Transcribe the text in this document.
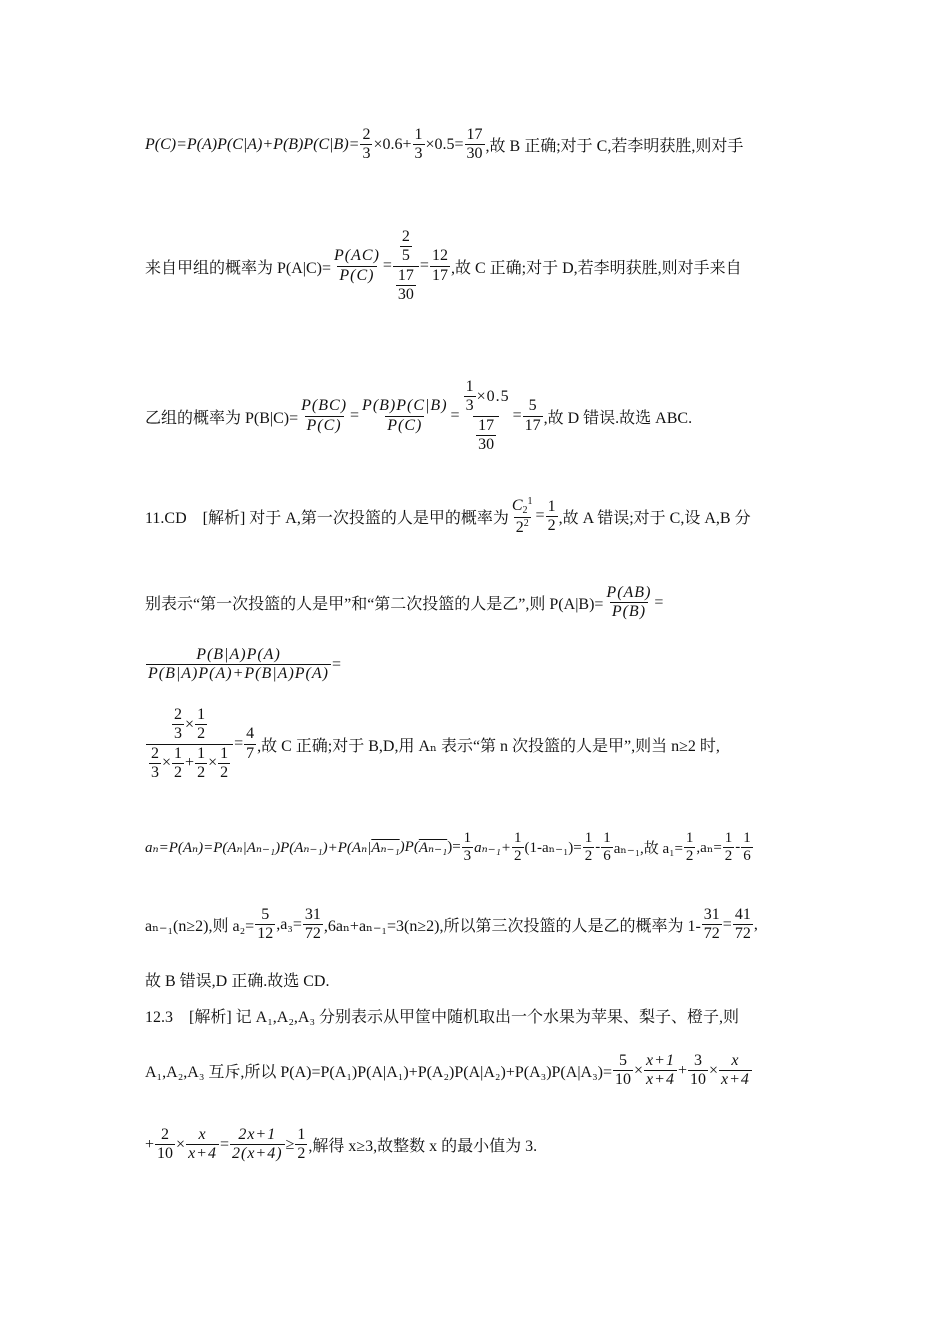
$P(C)=P(A)P(C|A)+P(B)P(C|B)= \frac{2}{3} \times 0.6+ \frac{1}{3} \times 0.5= \frac{17}{30}$ ,故 B 正确;对于 C,若李明获胜,则对手
来自甲组的概率为 $P(A|C)= \frac{P(AC)}{P(C)} = \frac{\frac{2}{5}}{\frac{17}{30}} = \frac{12}{17}$ ,故 C 正确;对于 D,若李明获胜,则对手来自
乙组的概率为 $P(B|C)= \frac{P(BC)}{P(C)} = \frac{P(B)P(C|B)}{P(C)} = \frac{\frac{1}{3} \times 0.5}{\frac{17}{30}} = \frac{5}{17}$ ,故 D 错误.故选 ABC.
11.CD　[解析] 对于 A,第一次投篮的人是甲的概率为 $\frac{C_2^1}{2^2} = \frac{1}{2}$ ,故 A 错误;对于 C,设 A,B 分
别表示“第一次投篮的人是甲”和“第二次投篮的人是乙”,则 $P(A|B)= \frac{P(AB)}{P(B)}$ =
$\frac{P(B|A)P(A)}{P(B|A)P(A)+P(B|\overline{A})P(\overline{A})}$ =
$\frac{\frac{2}{3} \times \frac{1}{2}}{\frac{2}{3} \times \frac{1}{2} + \frac{1}{2} \times \frac{1}{2}} = \frac{4}{7}$ ,故 C 正确;对于 B,D,用 Aₙ 表示“第 n 次投篮的人是甲”,则当 n≥2 时,
aₙ=P(Aₙ)=P(Aₙ|Aₙ₋₁)P(Aₙ₋₁)+P(Aₙ| Aₙ₋₁ )P( Aₙ₋₁ )= $\frac{1}{3} a_{n-1}+ \frac{1}{2} (1-a_{n-1})= \frac{1}{2}$ -
1
6 aₙ₋₁,故 $a_1= \frac{1}{2} ,a_n= \frac{1}{2}$ -
1
6
aₙ₋₁(n≥2),则 $a_2= \frac{5}{12} ,a_3= \frac{31}{72} ,6a_n+a_{n-1}=3(n\ge 2)$,所以第三次投篮的人是乙的概率为 $1- \frac{31}{72} = \frac{41}{72}$ ,
故 B 错误,D 正确.故选 CD.
12.3　[解析] 记 A₁,A₂,A₃ 分别表示从甲筐中随机取出一个水果为苹果、梨子、橙子,则
A₁,A₂,A₃ 互斥,所以 $P(A)=P(A_1)P(A|A_1)+P(A_2)P(A|A_2)+P(A_3)P(A|A_3)= \frac{5}{10} \times \frac{x+1}{x+4} + \frac{3}{10} \times \frac{x}{x+4}$
+ $\frac{2}{10} \times \frac{x}{x+4} = \frac{2x+1}{2(x+4)} \ge \frac{1}{2}$ ,解得 x≥3,故整数 x 的最小值为 3.
